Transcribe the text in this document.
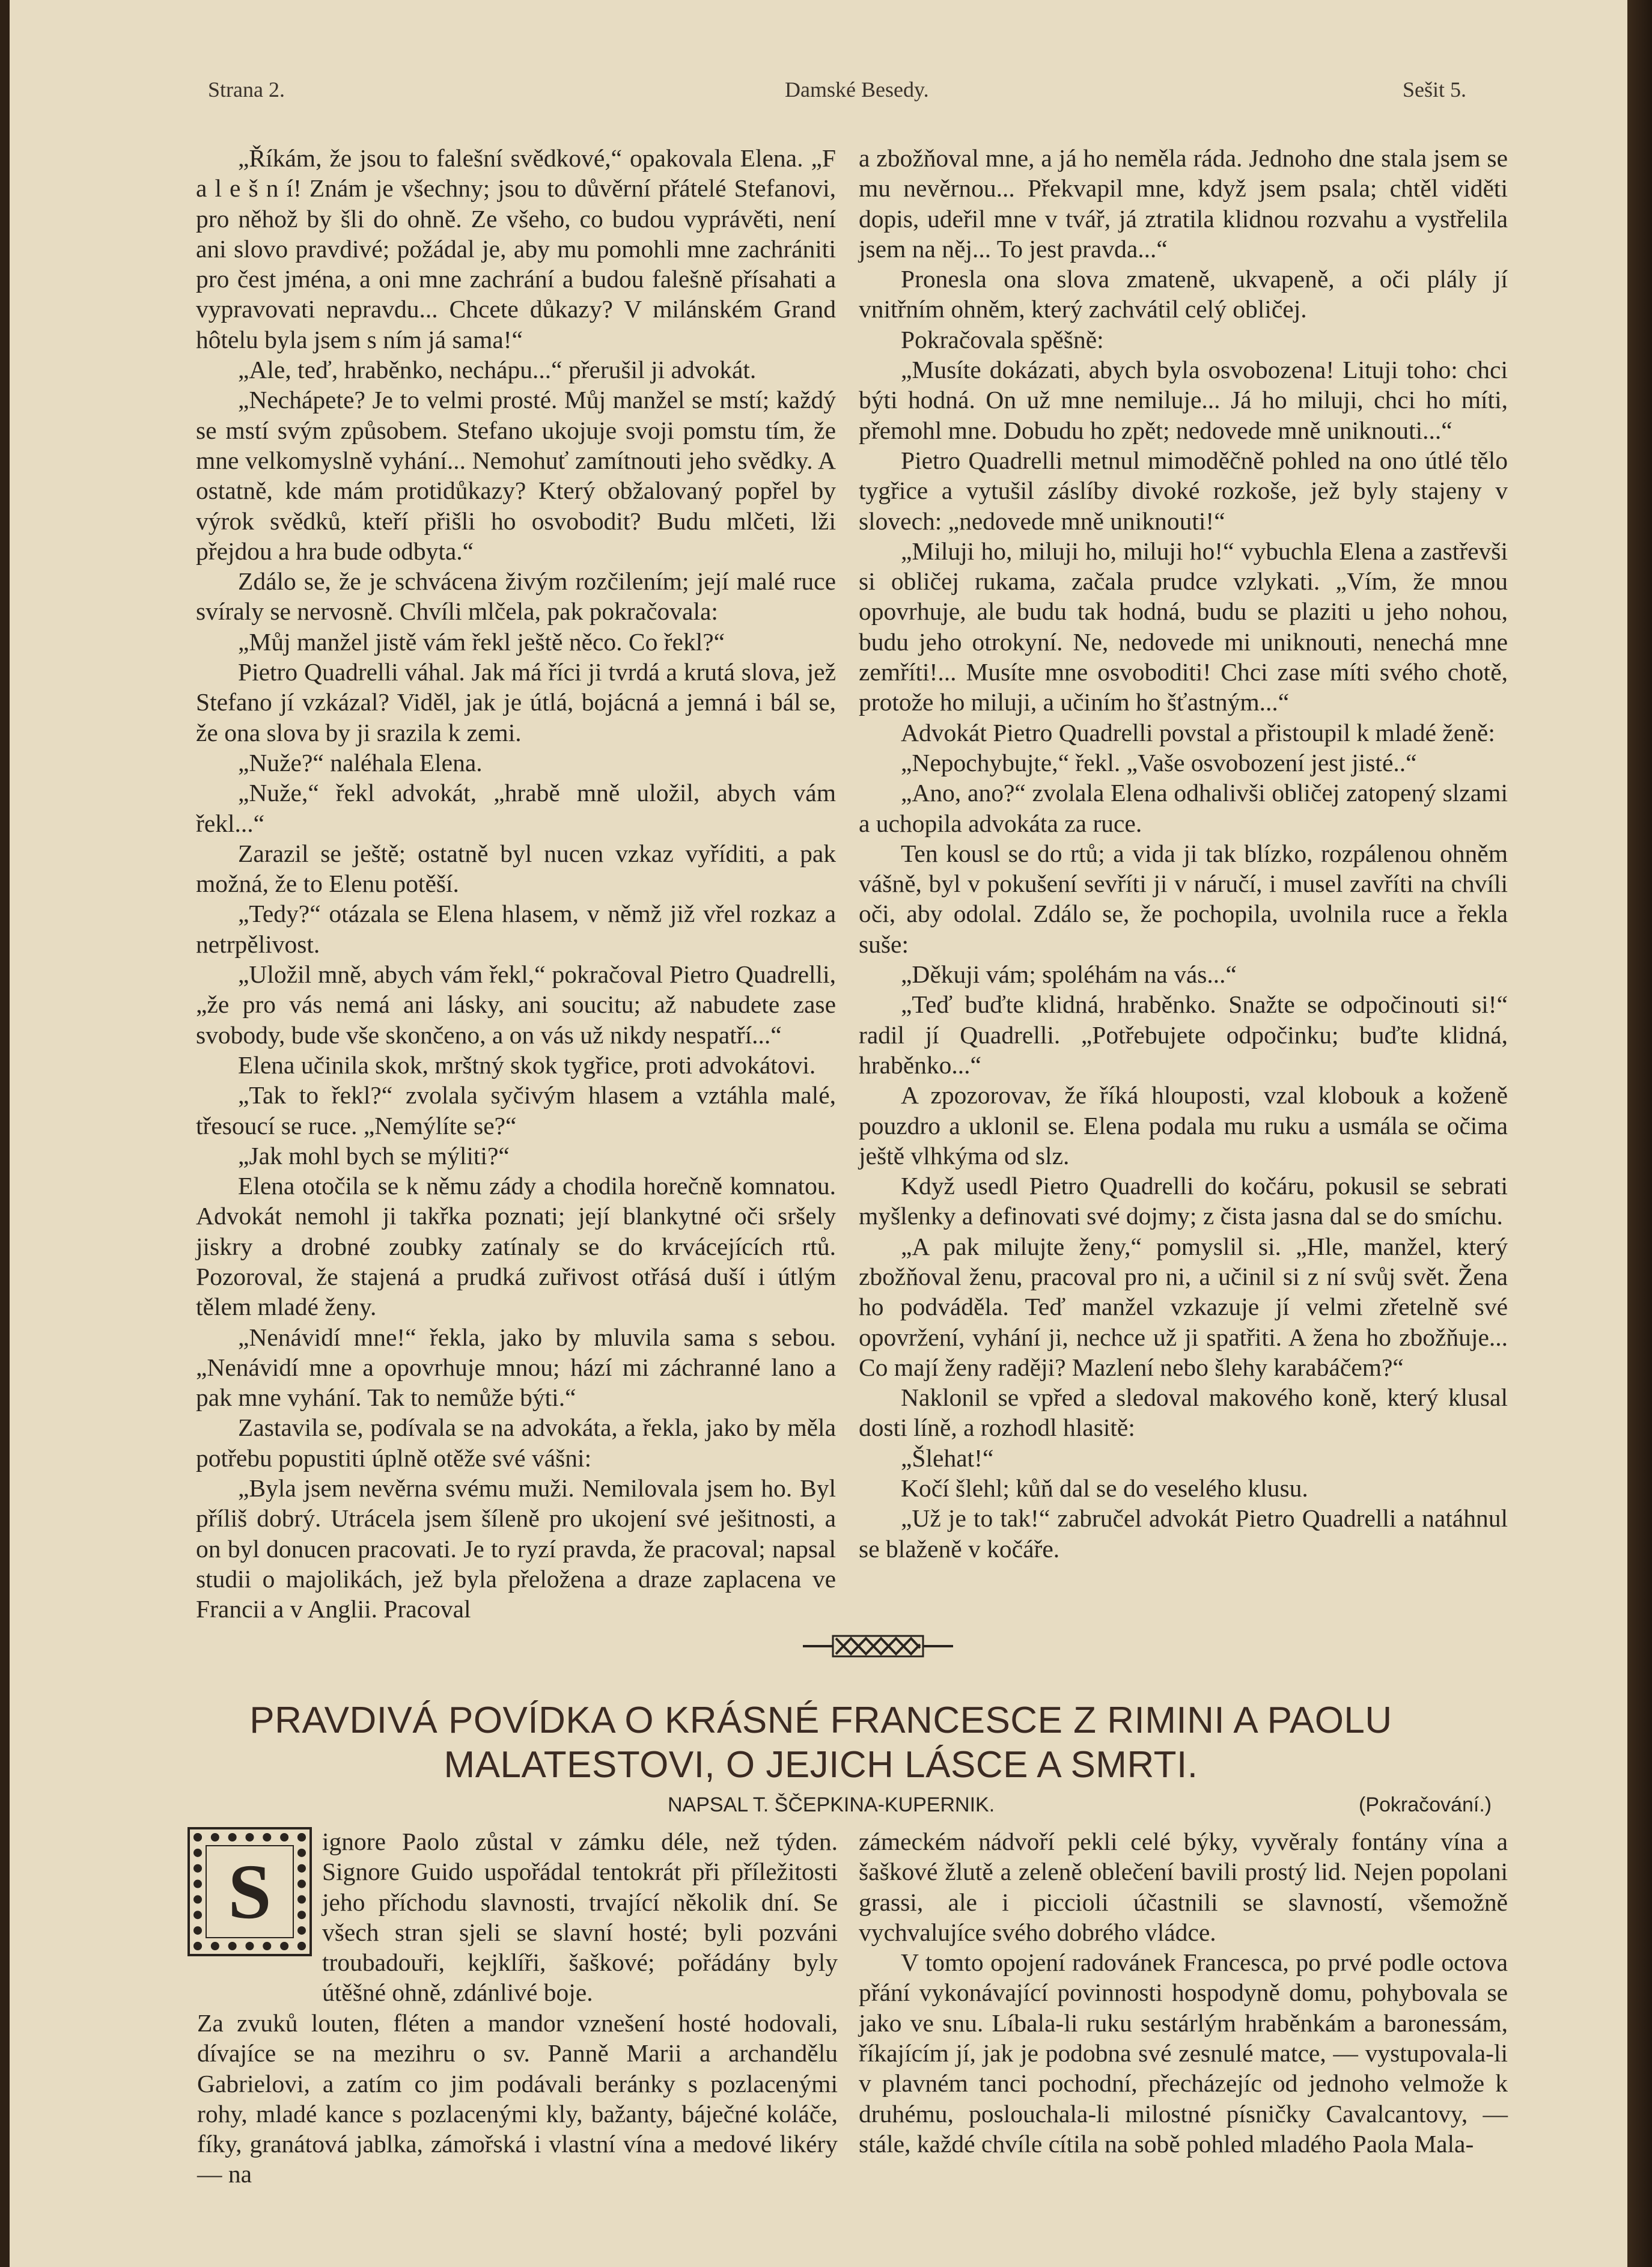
Strana 2.	Damské Besedy.	Sešit 5.

„Říkám, že jsou to falešní svědkové,“ opakovala Elena. „F a l e š n í! Znám je všechny; jsou to důvěrní přátelé Stefanovi, pro něhož by šli do ohně. Ze všeho, co budou vyprávěti, není ani slovo pravdivé; požádal je, aby mu pomohli mne zachrániti pro čest jména, a oni mne zachrání a budou falešně přísahati a vypravovati nepravdu... Chcete důkazy? V milánském Grand hôtelu byla jsem s ním já sama!“

„Ale, teď, hraběnko, nechápu...“ přerušil ji advokát.

„Nechápete? Je to velmi prosté. Můj manžel se mstí; každý se mstí svým způsobem. Stefano ukojuje svoji pomstu tím, že mne velkomyslně vyhání... Nemohuť zamítnouti jeho svědky. A ostatně, kde mám protidůkazy? Který obžalovaný popřel by výrok svědků, kteří přišli ho osvobodit? Budu mlčeti, lži přejdou a hra bude odbyta.“

Zdálo se, že je schvácena živým rozčilením; její malé ruce svíraly se nervosně. Chvíli mlčela, pak pokračovala:

„Můj manžel jistě vám řekl ještě něco. Co řekl?“

Pietro Quadrelli váhal. Jak má říci ji tvrdá a krutá slova, jež Stefano jí vzkázal? Viděl, jak je útlá, bojácná a jemná i bál se, že ona slova by ji srazila k zemi.

„Nuže?“ naléhala Elena.

„Nuže,“ řekl advokát, „hrabě mně uložil, abych vám řekl...“

Zarazil se ještě; ostatně byl nucen vzkaz vyříditi, a pak možná, že to Elenu potěší.

„Tedy?“ otázala se Elena hlasem, v němž již vřel rozkaz a netrpělivost.

„Uložil mně, abych vám řekl,“ pokračoval Pietro Quadrelli, „že pro vás nemá ani lásky, ani soucitu; až nabudete zase svobody, bude vše skončeno, a on vás už nikdy nespatří...“

Elena učinila skok, mrštný skok tygřice, proti advokátovi.

„Tak to řekl?“ zvolala syčivým hlasem a vztáhla malé, třesoucí se ruce. „Nemýlíte se?“

„Jak mohl bych se mýliti?“

Elena otočila se k němu zády a chodila horečně komnatou. Advokát nemohl ji takřka poznati; její blankytné oči sršely jiskry a drobné zoubky zatínaly se do krvácejících rtů. Pozoroval, že stajená a prudká zuřivost otřásá duší i útlým tělem mladé ženy.

„Nenávidí mne!“ řekla, jako by mluvila sama s sebou. „Nenávidí mne a opovrhuje mnou; hází mi záchranné lano a pak mne vyhání. Tak to nemůže býti.“

Zastavila se, podívala se na advokáta, a řekla, jako by měla potřebu popustiti úplně otěže své vášni:

„Byla jsem nevěrna svému muži. Nemilovala jsem ho. Byl příliš dobrý. Utrácela jsem šíleně pro ukojení své ješitnosti, a on byl donucen pracovati. Je to ryzí pravda, že pracoval; napsal studii o majolikách, jež byla přeložena a draze zaplacena ve Francii a v Anglii. Pracoval

a zbožňoval mne, a já ho neměla ráda. Jednoho dne stala jsem se mu nevěrnou... Překvapil mne, když jsem psala; chtěl viděti dopis, udeřil mne v tvář, já ztratila klidnou rozvahu a vystřelila jsem na něj... To jest pravda...“

Pronesla ona slova zmateně, ukvapeně, a oči plály jí vnitřním ohněm, který zachvátil celý obličej.

Pokračovala spěšně:

„Musíte dokázati, abych byla osvobozena! Lituji toho: chci býti hodná. On už mne nemiluje... Já ho miluji, chci ho míti, přemohl mne. Dobudu ho zpět; nedovede mně uniknouti...“

Pietro Quadrelli metnul mimoděčně pohled na ono útlé tělo tygřice a vytušil záslíby divoké rozkoše, jež byly stajeny v slovech: „nedovede mně uniknouti!“

„Miluji ho, miluji ho, miluji ho!“ vybuchla Elena a zastřevši si obličej rukama, začala prudce vzlykati. „Vím, že mnou opovrhuje, ale budu tak hodná, budu se plaziti u jeho nohou, budu jeho otrokyní. Ne, nedovede mi uniknouti, nenechá mne zemříti!... Musíte mne osvoboditi! Chci zase míti svého chotě, protože ho miluji, a učiním ho šťastným...“

Advokát Pietro Quadrelli povstal a přistoupil k mladé ženě:

„Nepochybujte,“ řekl. „Vaše osvobození jest jisté..“

„Ano, ano?“ zvolala Elena odhalivši obličej zatopený slzami a uchopila advokáta za ruce.

Ten kousl se do rtů; a vida ji tak blízko, rozpálenou ohněm vášně, byl v pokušení sevříti ji v náručí, i musel zavříti na chvíli oči, aby odolal. Zdálo se, že pochopila, uvolnila ruce a řekla suše:

„Děkuji vám; spoléhám na vás...“

„Teď buďte klidná, hraběnko. Snažte se odpočinouti si!“ radil jí Quadrelli. „Potřebujete odpočinku; buďte klidná, hraběnko...“

A zpozorovav, že říká hlouposti, vzal klobouk a koženě pouzdro a uklonil se. Elena podala mu ruku a usmála se očima ještě vlhkýma od slz.

Když usedl Pietro Quadrelli do kočáru, pokusil se sebrati myšlenky a definovati své dojmy; z čista jasna dal se do smíchu.

„A pak milujte ženy,“ pomyslil si. „Hle, manžel, který zbožňoval ženu, pracoval pro ni, a učinil si z ní svůj svět. Žena ho podváděla. Teď manžel vzkazuje jí velmi zřetelně své opovržení, vyhání ji, nechce už ji spatřiti. A žena ho zbožňuje... Co mají ženy raději? Mazlení nebo šlehy karabáčem?“

Naklonil se vpřed a sledoval makového koně, který klusal dosti líně, a rozhodl hlasitě:

„Šlehat!“

Kočí šlehl; kůň dal se do veselého klusu.

„Už je to tak!“ zabručel advokát Pietro Quadrelli a natáhnul se blaženě v kočáře.

PRAVDIVÁ POVÍDKA O KRÁSNÉ FRANCESCE Z RIMINI A PAOLU
MALATESTOVI, O JEJICH LÁSCE A SMRTI.
NAPSAL T. ŠČEPKINA-KUPERNIK.	(Pokračování.)
S

ignore Paolo zůstal v zámku déle, než týden. Signore Guido uspořádal tentokrát při příležitosti jeho příchodu slavnosti, trvající několik dní. Se všech stran sjeli se slavní hosté; byli pozváni troubadouři, kejklíři, šaškové; pořádány byly útěšné ohně, zdánlivé boje.

Za zvuků louten, fléten a mandor vznešení hosté hodovali, dívajíce se na mezihru o sv. Panně Marii a archandělu Gabrielovi, a zatím co jim podávali beránky s pozlacenými rohy, mladé kance s pozlacenými kly, bažanty, báječné koláče, fíky, granátová jablka, zámořská i vlastní vína a medové likéry — na

zámeckém nádvoří pekli celé býky, vyvěraly fontány vína a šaškové žlutě a zeleně oblečení bavili prostý lid. Nejen popolani grassi, ale i piccioli účastnili se slavností, všemožně vychvalujíce svého dobrého vládce.

V tomto opojení radovánek Francesca, po prvé podle octova přání vykonávající povinnosti hospodyně domu, pohybovala se jako ve snu. Líbala-li ruku sestárlým hraběnkám a baronessám, říkajícím jí, jak je podobna své zesnulé matce, — vystupovala-li v plavném tanci pochodní, přecházejíc od jednoho velmože k druhému, poslouchala-li milostné písničky Cavalcantovy, — stále, každé chvíle cítila na sobě pohled mladého Paola Mala-
